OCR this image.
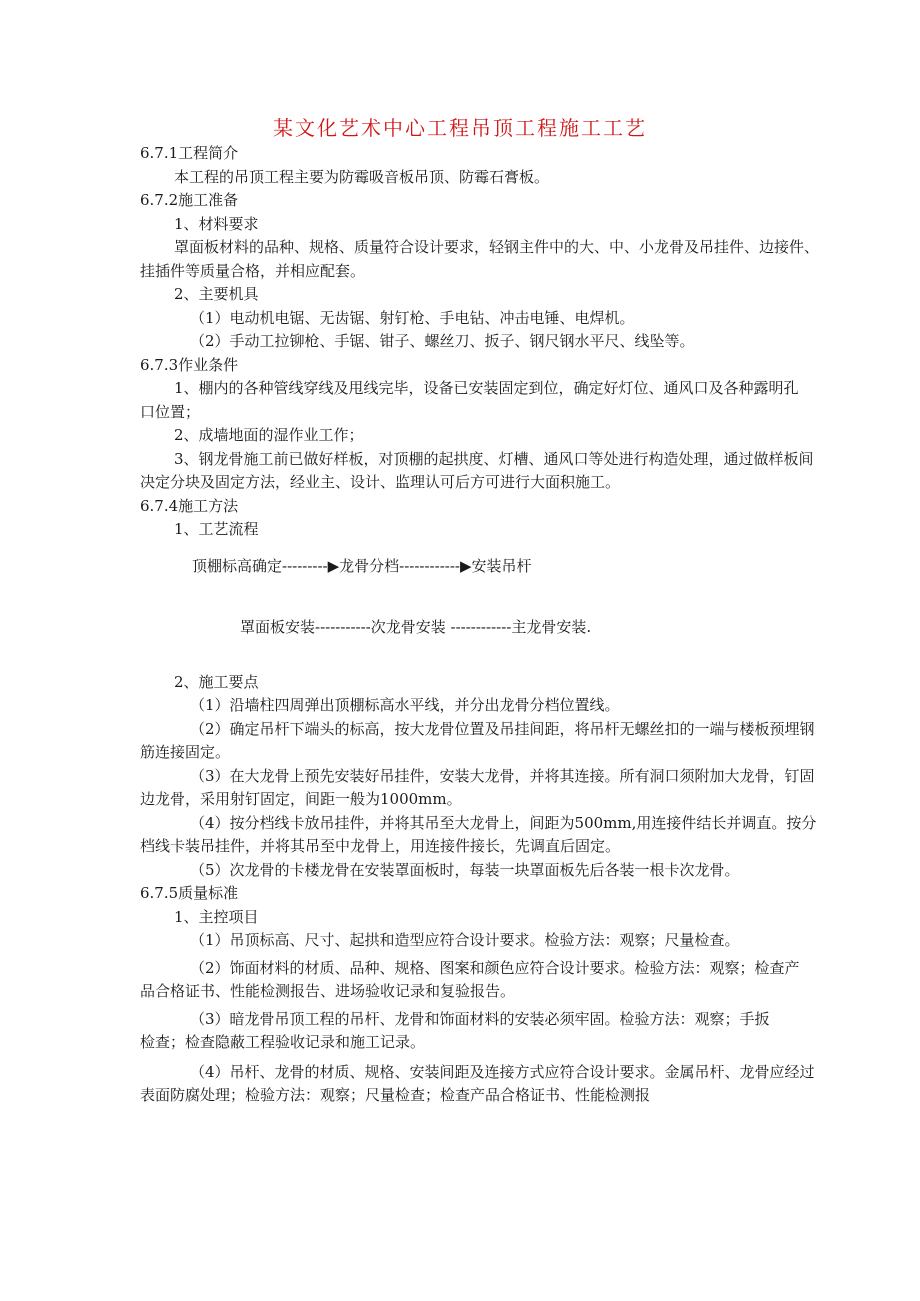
某文化艺术中心工程吊顶工程施工工艺

6.7.1工程简介

本工程的吊顶工程主要为防霉吸音板吊顶、防霉石膏板。

6.7.2施工准备

1、材料要求

罩面板材料的品种、规格、质量符合设计要求，轻钢主件中的大、中、小龙骨及吊挂件、边接件、挂插件等质量合格，并相应配套。

2、主要机具

（1）电动机电锯、无齿锯、射钉枪、手电钻、冲击电锤、电焊机。

（2）手动工拉铆枪、手锯、钳子、螺丝刀、扳子、钢尺钢水平尺、线坠等。

6.7.3作业条件

1、棚内的各种管线穿线及甩线完毕，设备已安装固定到位，确定好灯位、通风口及各种露明孔口位置；

2、成墙地面的湿作业工作；

3、钢龙骨施工前已做好样板，对顶棚的起拱度、灯槽、通风口等处进行构造处理，通过做样板间决定分块及固定方法，经业主、设计、监理认可后方可进行大面积施工。

6.7.4施工方法

1、工艺流程

顶棚标高确定---------▶龙骨分档------------▶安装吊杆

罩面板安装-----------次龙骨安装 ------------主龙骨安装.

2、施工要点

（1）沿墙柱四周弹出顶棚标高水平线，并分出龙骨分档位置线。

（2）确定吊杆下端头的标高，按大龙骨位置及吊挂间距，将吊杆无螺丝扣的一端与楼板预埋钢筋连接固定。

（3）在大龙骨上预先安装好吊挂件，安装大龙骨，并将其连接。所有洞口须附加大龙骨，钉固边龙骨，采用射钉固定，间距一般为1000mm。

（4）按分档线卡放吊挂件，并将其吊至大龙骨上，间距为500mm,用连接件结长并调直。按分档线卡装吊挂件，并将其吊至中龙骨上，用连接件接长，先调直后固定。

（5）次龙骨的卡楼龙骨在安装罩面板时，每装一块罩面板先后各装一根卡次龙骨。

6.7.5质量标准

1、主控项目

（1）吊顶标高、尺寸、起拱和造型应符合设计要求。检验方法：观察；尺量检查。

（2）饰面材料的材质、品种、规格、图案和颜色应符合设计要求。检验方法：观察；检查产品合格证书、性能检测报告、进场验收记录和复验报告。

（3）暗龙骨吊顶工程的吊杆、龙骨和饰面材料的安装必须牢固。检验方法：观察；手扳检查；检查隐蔽工程验收记录和施工记录。

（4）吊杆、龙骨的材质、规格、安装间距及连接方式应符合设计要求。金属吊杆、龙骨应经过表面防腐处理；检验方法：观察；尺量检查；检查产品合格证书、性能检测报
